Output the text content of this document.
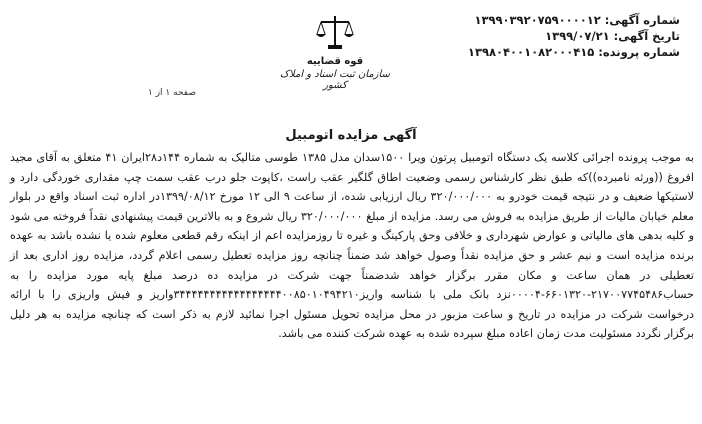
شماره آگهی: ۱۳۹۹۰۳۹۲۰۷۵۹۰۰۰۰۱۲
تاریخ آگهی: ۱۳۹۹/۰۷/۲۱
شماره پرونده: ۱۳۹۸۰۴۰۰۱۰۸۲۰۰۰۴۱۵
قوه قضاییه
سازمان ثبت اسناد و املاک کشور
صفحه ۱ از ۱
آگهی مزایده اتومبیل
به موجب پرونده اجرائی کلاسه یک دستگاه اتومبیل پرتون ویرا ۱۵۰۰سدان مدل ۱۳۸۵ طوسی متالیک به شماره ۱۴۴د۲۸ایران ۴۱ متعلق به آقای مجید افروغ ((ورثه نامبرده))که طبق نظر کارشناس رسمی وضعیت اطاق گلگیر عقب راست ،کاپوت جلو درب عقب سمت چپ مقداری خوردگی دارد و لاستیکها ضعیف و در نتیجه قیمت خودرو به ۳۲۰/۰۰۰/۰۰۰ ریال ارزیابی شده، از ساعت ۹ الی ۱۲ مورخ ۱۳۹۹/۰۸/۱۲در اداره ثبت اسناد واقع در بلوار معلم خیابان مالیات از طریق مزایده به فروش می رسد. مزایده از مبلغ ۳۲۰/۰۰۰/۰۰۰ ریال شروع و به بالاترین قیمت پیشنهادی نقداً فروخته می شود و کلیه بدهی های مالیاتی و عوارض شهرداری و خلافی وحق پارکینگ و غیره تا روزمزایده اعم از اینکه رقم قطعی معلوم شده یا نشده باشد به عهده برنده مزایده است و نیم عشر و حق مزایده نقداً وصول خواهد شد ضمناً چنانچه روز مزایده تعطیل رسمی اعلام گردد، مزایده روز اداری بعد از تعطیلی در همان ساعت و مکان مقرر برگزار خواهد شدضمناً جهت شرکت در مزایده ده درصد مبلغ پایه مورد مزایده را به حساب۲۱۷۰۰۷۷۴۵۴۸۶-۶۶۰۱۳۲۰-۰۰۰۰۴نزد بانک ملی با شناسه واریز۳۴۴۴۴۴۴۴۴۴۴۴۴۴۴۴۴۴۰۰۸۵۰۱۰۴۹۴۲۱۰واریز و فیش واریزی را با ارائه درخواست شرکت در مزایده در تاریخ و ساعت مزبور در محل مزایده تحویل مسئول اجرا نمائید لازم به ذکر است که چنانچه مزایده به هر دلیل برگزار نگردد مسئولیت مدت زمان اعاده مبلغ سپرده شده به عهده شرکت کننده می باشد.
